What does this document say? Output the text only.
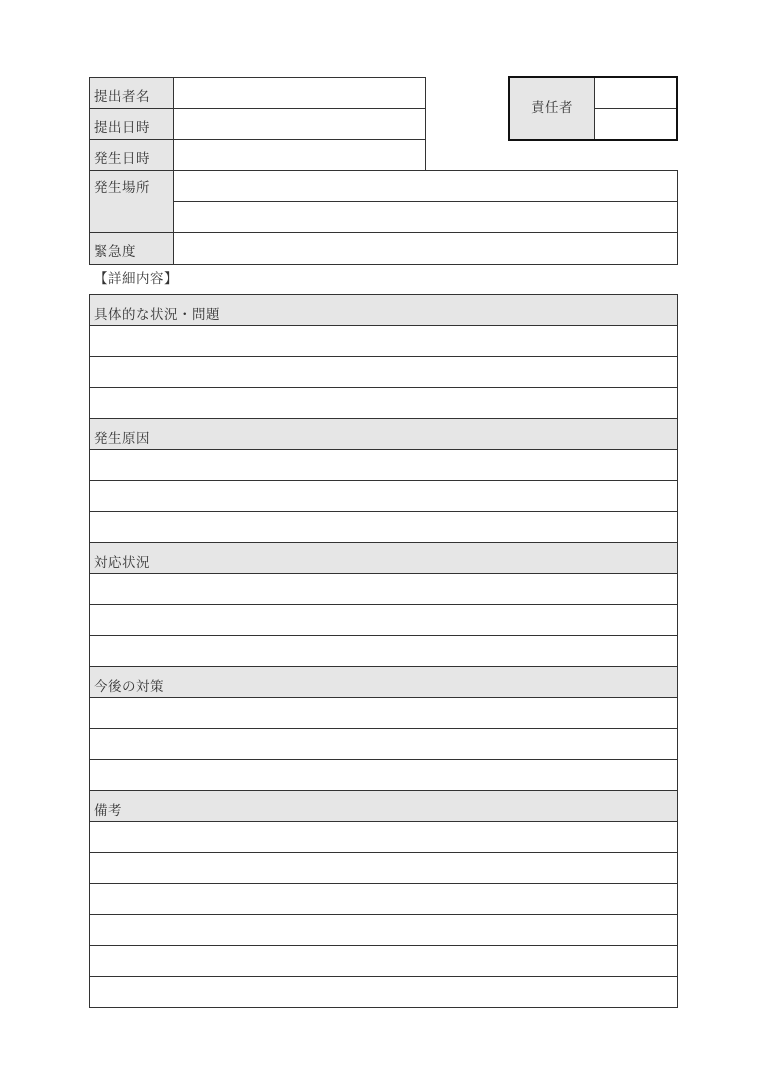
提出者名
提出日時
発生日時
発生場所
緊急度
責任者
【詳細内容】
具体的な状況・問題
発生原因
対応状況
今後の対策
備考
